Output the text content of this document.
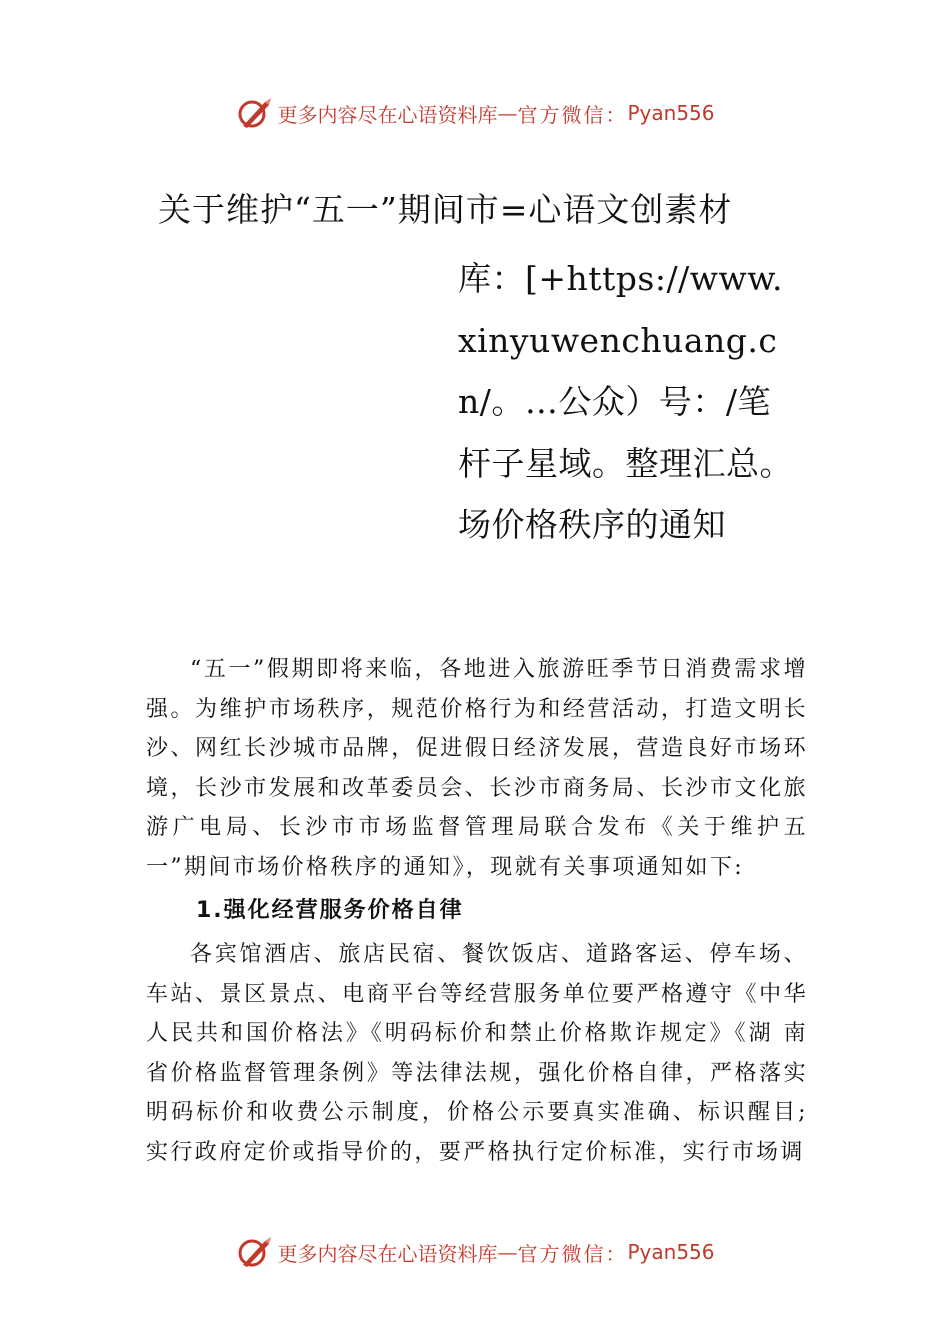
更多内容尽在心语资料库 — 官方微信： Pyan556
关于维护“五一”期间市=心语文创素材
库：[+https://www.xinyuwenchuang.cn/。…公众）号：/笔杆子星域。整理汇总。场价格秩序的通知

“五一”假期即将来临，各地进入旅游旺季节日消费需求增强。为维护市场秩序，规范价格行为和经营活动，打造文明长沙、网红长沙城市品牌，促进假日经济发展，营造良好市场环境，长沙市发展和改革委员会、长沙市商务局、长沙市文化旅游广电局、长沙市市场监督管理局联合发布《关于维护五一”期间市场价格秩序的通知》，现就有关事项通知如下:

1.强化经营服务价格自律

各宾馆酒店、旅店民宿、餐饮饭店、道路客运、停车场、车站、景区景点、电商平台等经营服务单位要严格遵守《中华人民共和国价格法》《明码标价和禁止价格欺诈规定》《湖 南省价格监督管理条例》等法律法规，强化价格自律，严格落实明码标价和收费公示制度，价格公示要真实准确、标识醒目;实行政府定价或指导价的，要严格执行定价标准，实行市场调

更多内容尽在心语资料库 — 官方微信： Pyan556
